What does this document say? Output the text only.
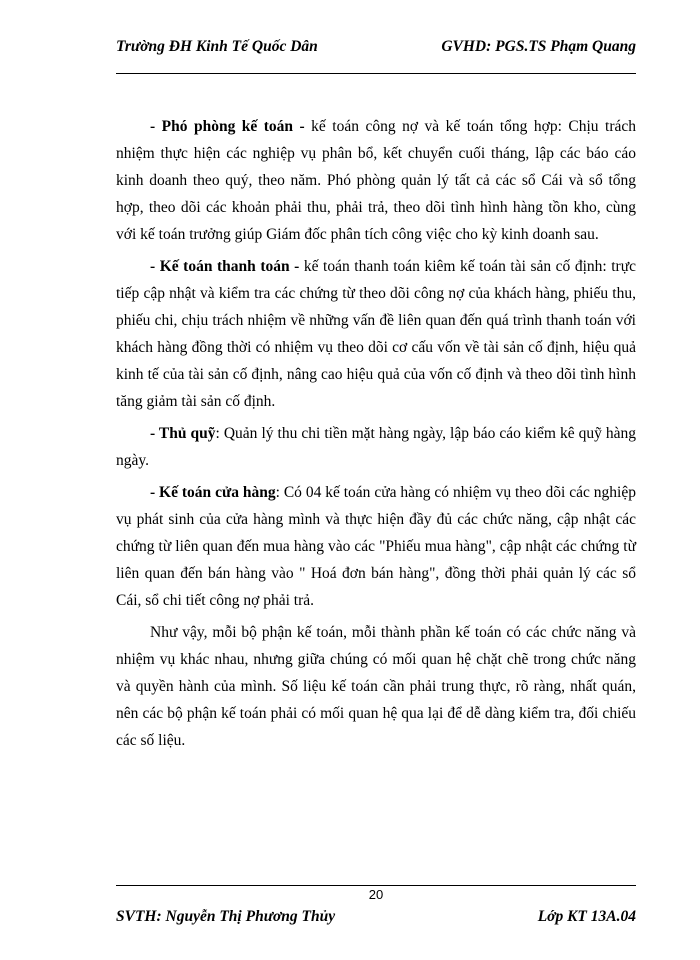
Trường ĐH Kinh Tế Quốc Dân	GVHD: PGS.TS Phạm Quang

- Phó phòng kế toán - kế toán công nợ và kế toán tổng hợp: Chịu trách nhiệm thực hiện các nghiệp vụ phân bổ, kết chuyển cuối tháng, lập các báo cáo kinh doanh theo quý, theo năm. Phó phòng quản lý tất cả các sổ Cái và sổ tổng hợp, theo dõi các khoản phải thu, phải trả, theo dõi tình hình hàng tồn kho, cùng với kế toán trưởng giúp Giám đốc phân tích công việc cho kỳ kinh doanh sau.

- Kế toán thanh toán - kế toán thanh toán kiêm kế toán tài sản cố định: trực tiếp cập nhật và kiểm tra các chứng từ theo dõi công nợ của khách hàng, phiếu thu, phiếu chi, chịu trách nhiệm về những vấn đề liên quan đến quá trình thanh toán với khách hàng đồng thời có nhiệm vụ theo dõi cơ cấu vốn về tài sản cố định, hiệu quả kinh tế của tài sản cố định, nâng cao hiệu quả của vốn cố định và theo dõi tình hình tăng giảm tài sản cố định.

- Thủ quỹ: Quản lý thu chi tiền mặt hàng ngày, lập báo cáo kiểm kê quỹ hàng ngày.

- Kế toán cửa hàng: Có 04 kế toán cửa hàng có nhiệm vụ theo dõi các nghiệp vụ phát sinh của cửa hàng mình và thực hiện đầy đủ các chức năng, cập nhật các chứng từ liên quan đến mua hàng vào các "Phiếu mua hàng", cập nhật các chứng từ liên quan đến bán hàng vào " Hoá đơn bán hàng", đồng thời phải quản lý các sổ Cái, sổ chi tiết công nợ phải trả.

Như vậy, mỗi bộ phận kế toán, mỗi thành phần kế toán có các chức năng và nhiệm vụ khác nhau, nhưng giữa chúng có mối quan hệ chặt chẽ trong chức năng và quyền hành của mình. Số liệu kế toán cần phải trung thực, rõ ràng, nhất quán, nên các bộ phận kế toán phải có mối quan hệ qua lại để dễ dàng kiểm tra, đối chiếu các số liệu.

20
SVTH: Nguyễn Thị Phương Thủy	Lớp KT 13A.04
